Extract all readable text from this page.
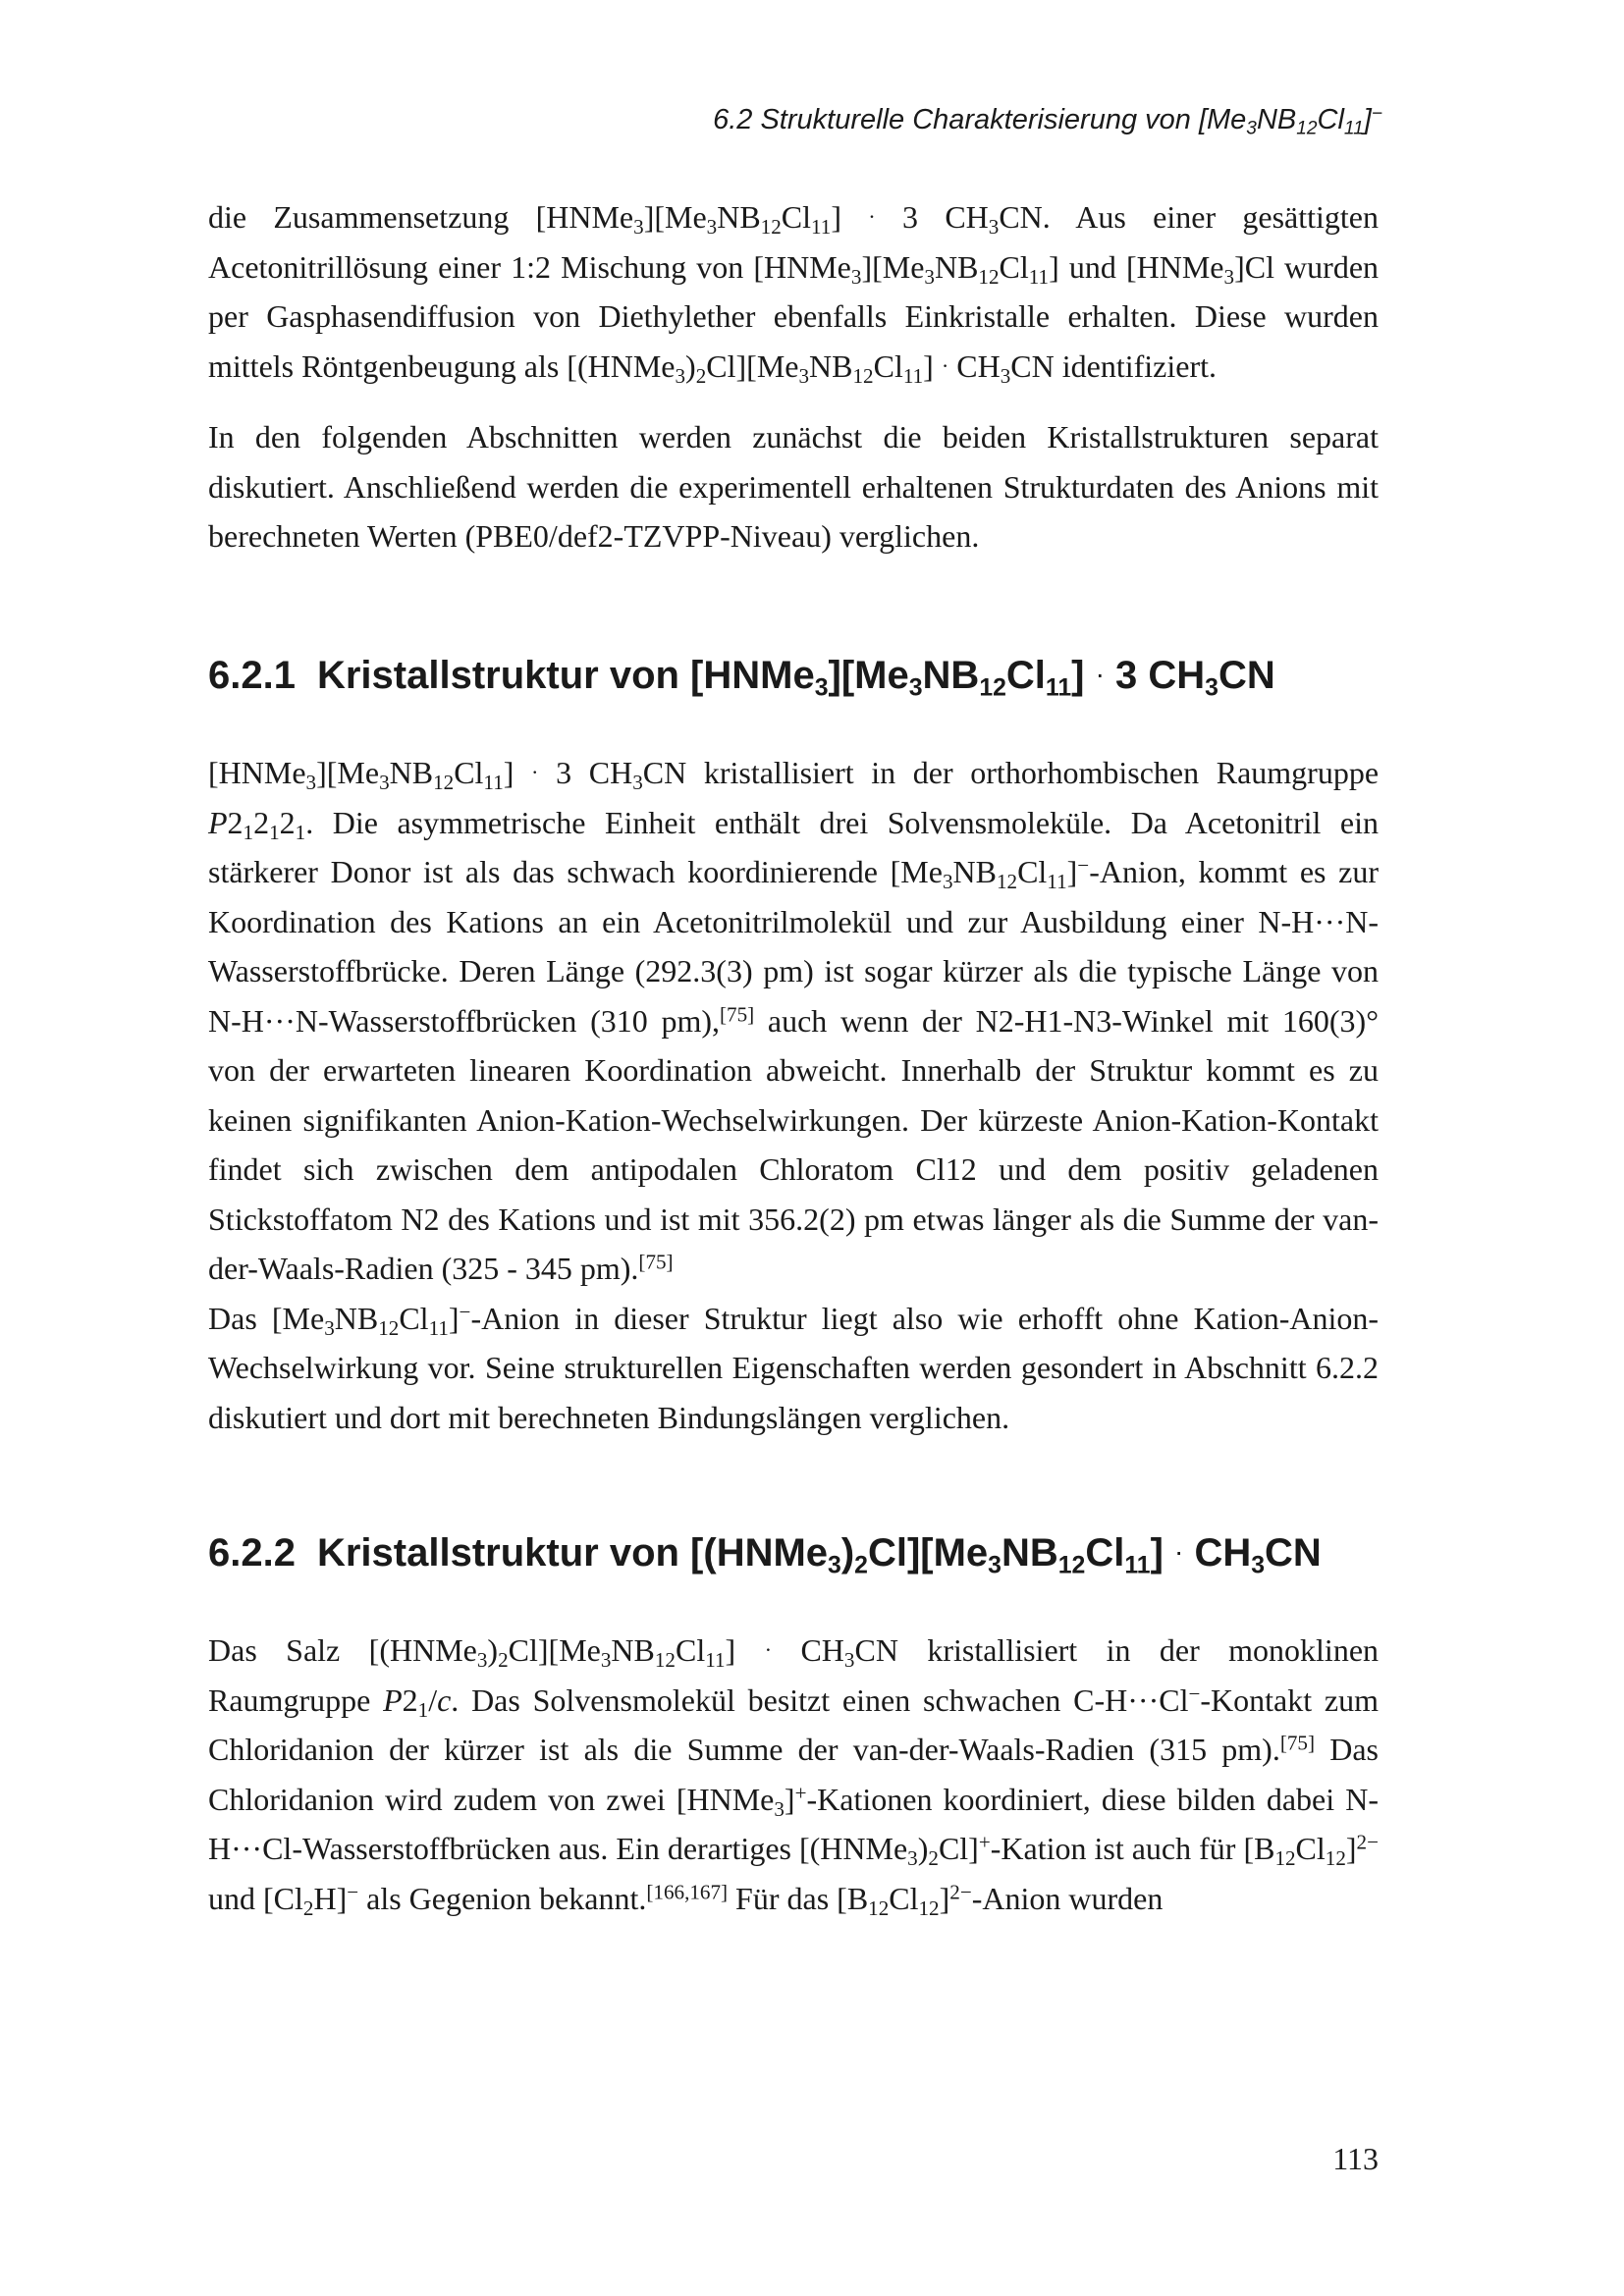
6.2 Strukturelle Charakterisierung von $[Me_3NB_{12}Cl_{11}]^-$

die Zusammensetzung $[HNMe_3][Me_3NB_{12}Cl_{11}] \cdot 3$ $CH_3CN$. Aus einer gesättigten Acetonitrillösung einer 1:2 Mischung von $[HNMe_3][Me_3NB_{12}Cl_{11}]$ und [HNMe$_3$]Cl wurden per Gasphasendiffusion von Diethylether ebenfalls Einkristalle erhalten. Diese wurden mittels Röntgenbeugung als $[(HNMe_3)_2Cl][Me_3NB_{12}Cl_{11}] \cdot CH_3CN$ identifiziert.

In den folgenden Abschnitten werden zunächst die beiden Kristallstrukturen separat diskutiert. Anschließend werden die experimentell erhaltenen Strukturdaten des Anions mit berechneten Werten (PBE0/def2-TZVPP-Niveau) verglichen.

6.2.1 Kristallstruktur von $[HNMe_3][Me_3NB_{12}Cl_{11}] \cdot 3$ $CH_3CN$

$[HNMe_3][Me_3NB_{12}Cl_{11}] \cdot 3$ $CH_3CN$ kristallisiert in der orthorhombischen Raumgruppe $P2_12_12_1$. Die asymmetrische Einheit enthält drei Solvensmoleküle. Da Acetonitril ein stärkerer Donor ist als das schwach koordinierende $[Me_3NB_{12}Cl_{11}]^-$-Anion, kommt es zur Koordination des Kations an ein Acetonitrilmolekül und zur Ausbildung einer N-H···N-Wasserstoffbrücke. Deren Länge (292.3(3) pm) ist sogar kürzer als die typische Länge von N-H···N-Wasserstoffbrücken (310 pm),[75] auch wenn der N2-H1-N3-Winkel mit 160(3)° von der erwarteten linearen Koordination abweicht. Innerhalb der Struktur kommt es zu keinen signifikanten Anion-Kation-Wechselwirkungen. Der kürzeste Anion-Kation-Kontakt findet sich zwischen dem antipodalen Chloratom Cl12 und dem positiv geladenen Stickstoffatom N2 des Kations und ist mit 356.2(2) pm etwas länger als die Summe der van-der-Waals-Radien (325 - 345 pm).[75]

Das $[Me_3NB_{12}Cl_{11}]^-$-Anion in dieser Struktur liegt also wie erhofft ohne Kation-Anion-Wechselwirkung vor. Seine strukturellen Eigenschaften werden gesondert in Abschnitt 6.2.2 diskutiert und dort mit berechneten Bindungslängen verglichen.

6.2.2 Kristallstruktur von $[(HNMe_3)_2Cl][Me_3NB_{12}Cl_{11}] \cdot CH_3CN$

Das Salz $[(HNMe_3)_2Cl][Me_3NB_{12}Cl_{11}] \cdot CH_3CN$ kristallisiert in der monoklinen Raumgruppe $P2_1/c$. Das Solvensmolekül besitzt einen schwachen C-H···Cl−-Kontakt zum Chloridanion der kürzer ist als die Summe der van-der-Waals-Radien (315 pm).[75] Das Chloridanion wird zudem von zwei [HNMe$_3$]+-Kationen koordiniert, diese bilden dabei N-H···Cl-Wasserstoffbrücken aus. Ein derartiges $[(HNMe_3)_2Cl]^+$-Kation ist auch für $[B_{12}Cl_{12}]^{2-}$ und $[Cl_2H]^-$ als Gegenion bekannt.[166,167] Für das $[B_{12}Cl_{12}]^{2-}$-Anion wurden

113
